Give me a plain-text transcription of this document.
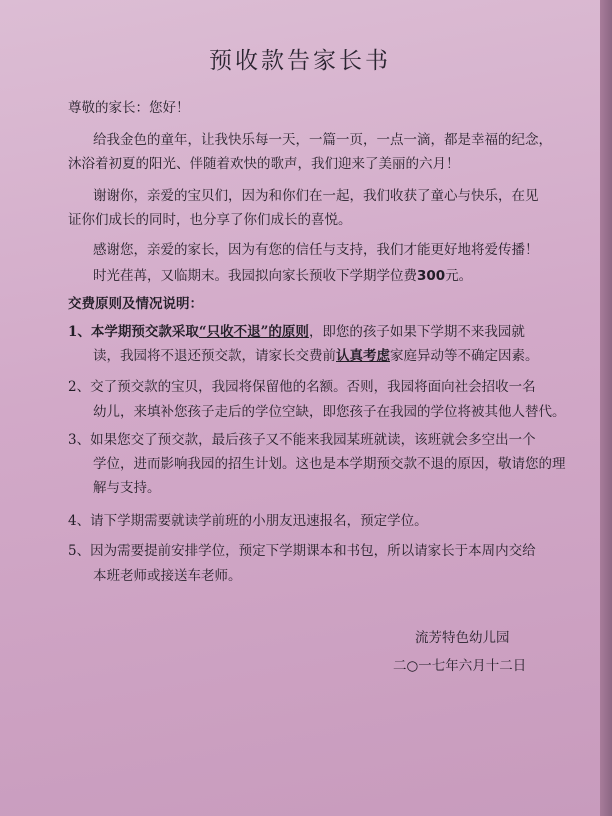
预收款告家长书
尊敬的家长：您好！
给我金色的童年，让我快乐每一天，一篇一页，一点一滴，都是幸福的纪念，
沐浴着初夏的阳光、伴随着欢快的歌声，我们迎来了美丽的六月！
谢谢你，亲爱的宝贝们，因为和你们在一起，我们收获了童心与快乐，在见
证你们成长的同时，也分享了你们成长的喜悦。
感谢您，亲爱的家长，因为有您的信任与支持，我们才能更好地将爱传播！
时光荏苒，又临期末。我园拟向家长预收下学期学位费300元。
交费原则及情况说明：
1、本学期预交款采取“只收不退”的原则，即您的孩子如果下学期不来我园就
读，我园将不退还预交款，请家长交费前认真考虑家庭异动等不确定因素。
2、交了预交款的宝贝，我园将保留他的名额。否则，我园将面向社会招收一名
幼儿，来填补您孩子走后的学位空缺，即您孩子在我园的学位将被其他人替代。
3、如果您交了预交款，最后孩子又不能来我园某班就读，该班就会多空出一个
学位，进而影响我园的招生计划。这也是本学期预交款不退的原因，敬请您的理
解与支持。
4、请下学期需要就读学前班的小朋友迅速报名，预定学位。
5、因为需要提前安排学位，预定下学期课本和书包，所以请家长于本周内交给
本班老师或接送车老师。
流芳特色幼儿园
二○一七年六月十二日
